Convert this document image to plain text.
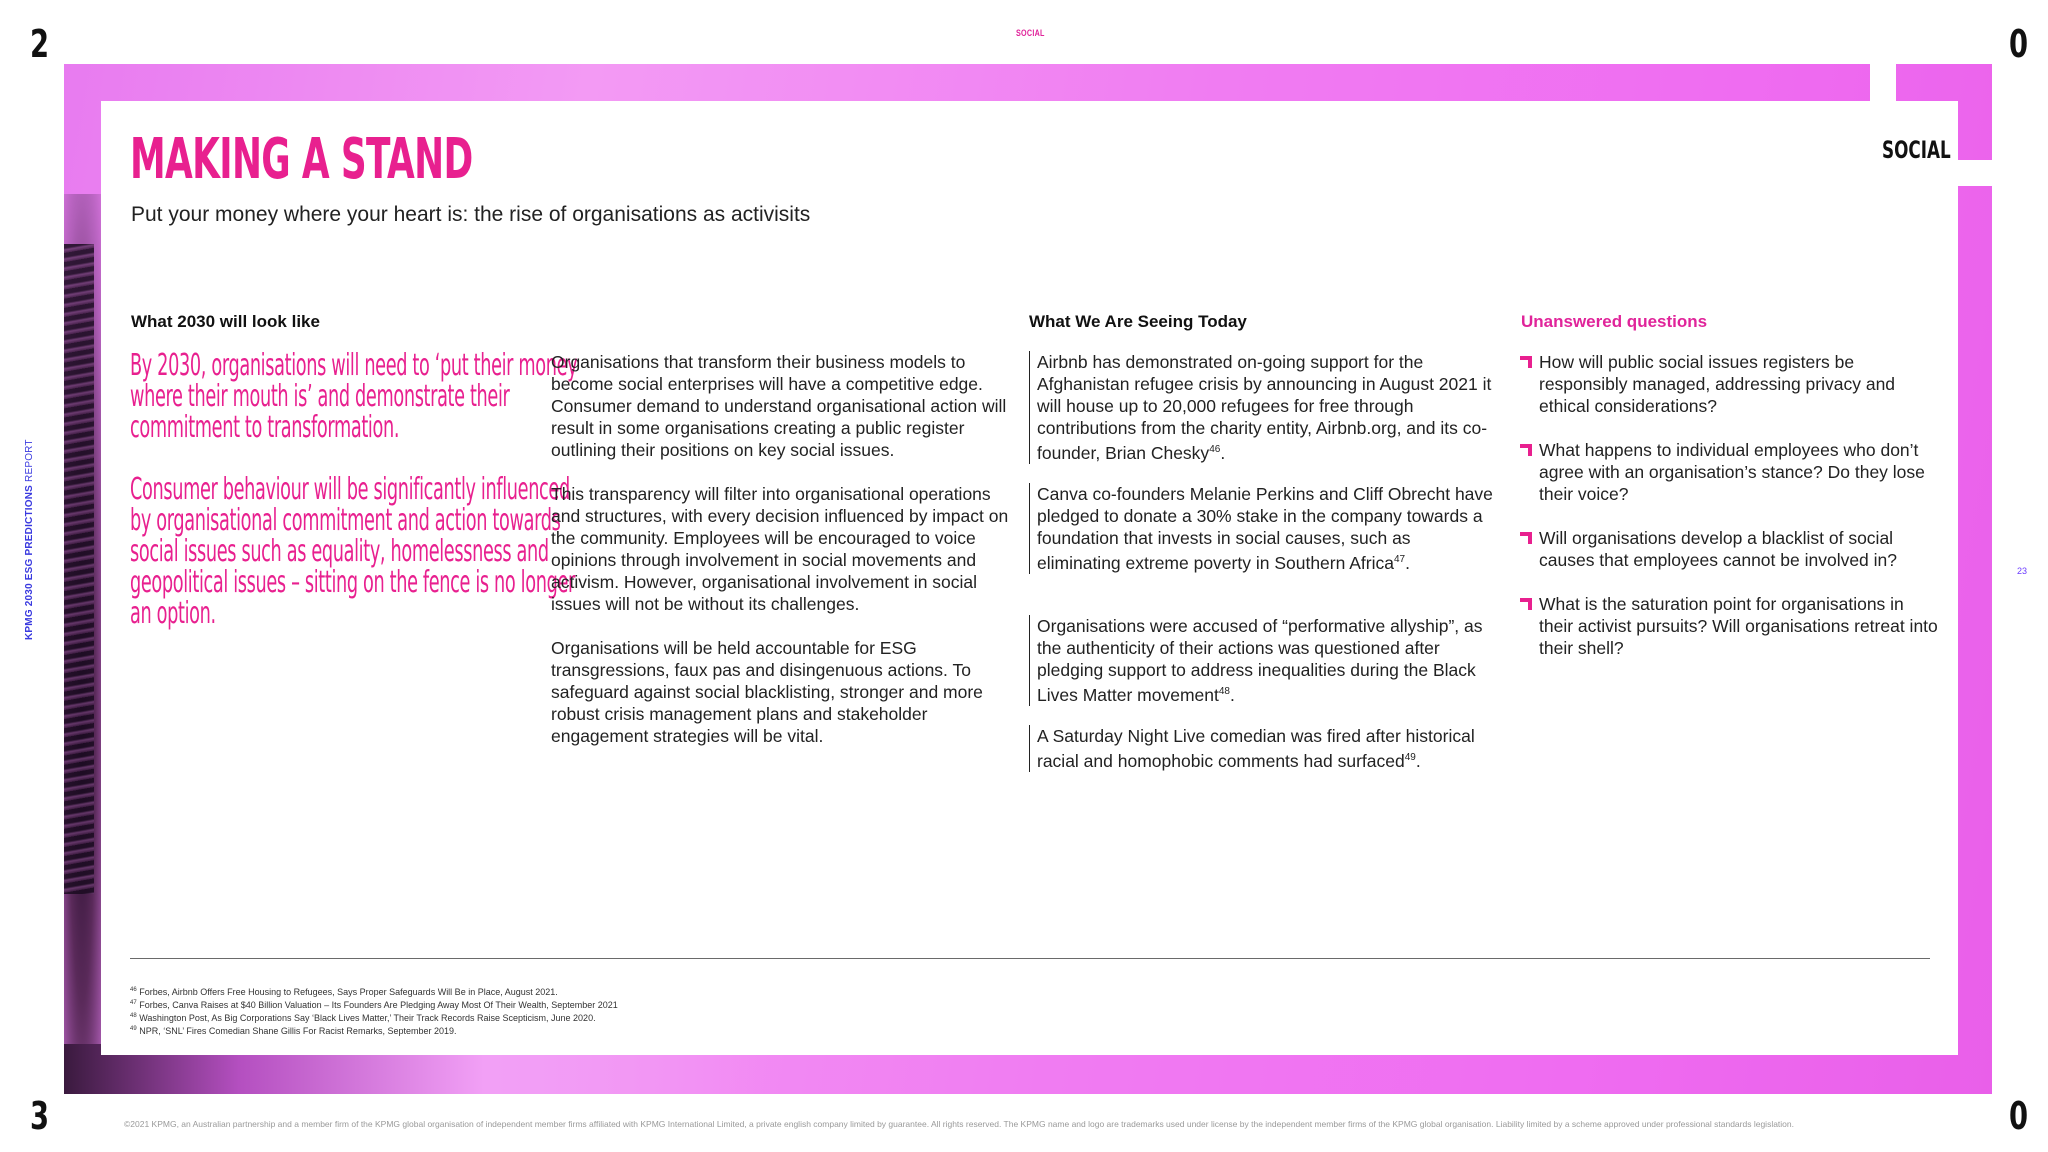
2	0
3	0
SOCIAL
23
KPMG 2030 ESG PREDICTIONS REPORT
SOCIAL
MAKING A STAND
Put your money where your heart is: the rise of organisations as activisits
What 2030 will look like	What We Are Seeing Today	Unanswered questions
By 2030, organisations will need to ‘put their money where their mouth is’ and demonstrate their commitment to transformation.
Consumer behaviour will be significantly influenced by organisational commitment and action towards social issues such as equality, homelessness and geopolitical issues – sitting on the fence is no longer an option.

Organisations that transform their business models to become social enterprises will have a competitive edge. Consumer demand to understand organisational action will result in some organisations creating a public register outlining their positions on key social issues.

This transparency will filter into organisational operations and structures, with every decision influenced by impact on the community. Employees will be encouraged to voice opinions through involvement in social movements and activism. However, organisational involvement in social issues will not be without its challenges.

Organisations will be held accountable for ESG transgressions, faux pas and disingenuous actions. To safeguard against social blacklisting, stronger and more robust crisis management plans and stakeholder engagement strategies will be vital.

Airbnb has demonstrated on-going support for the Afghanistan refugee crisis by announcing in August 2021 it will house up to 20,000 refugees for free through contributions from the charity entity, Airbnb.org, and its co-founder, Brian Chesky$^{46}$.
Canva co-founders Melanie Perkins and Cliff Obrecht have pledged to donate a 30% stake in the company towards a foundation that invests in social causes, such as eliminating extreme poverty in Southern Africa$^{47}$.
Organisations were accused of “performative allyship”, as the authenticity of their actions was questioned after pledging support to address inequalities during the Black Lives Matter movement$^{48}$.
A Saturday Night Live comedian was fired after historical racial and homophobic comments had surfaced$^{49}$.
How will public social issues registers be responsibly managed, addressing privacy and ethical considerations?
What happens to individual employees who don’t agree with an organisation’s stance? Do they lose their voice?
Will organisations develop a blacklist of social causes that employees cannot be involved in?
What is the saturation point for organisations in their activist pursuits? Will organisations retreat into their shell?
$^{46}$ Forbes, Airbnb Offers Free Housing to Refugees, Says Proper Safeguards Will Be in Place, August 2021.
$^{47}$ Forbes, Canva Raises at $40 Billion Valuation – Its Founders Are Pledging Away Most Of Their Wealth, September 2021
$^{48}$ Washington Post, As Big Corporations Say ‘Black Lives Matter,’ Their Track Records Raise Scepticism, June 2020.
$^{49}$ NPR, ‘SNL’ Fires Comedian Shane Gillis For Racist Remarks, September 2019.
©2021 KPMG, an Australian partnership and a member firm of the KPMG global organisation of independent member firms affiliated with KPMG International Limited, a private english company limited by guarantee. All rights reserved. The KPMG name and logo are trademarks used under license by the independent member firms of the KPMG global organisation. Liability limited by a scheme approved under professional standards legislation.
